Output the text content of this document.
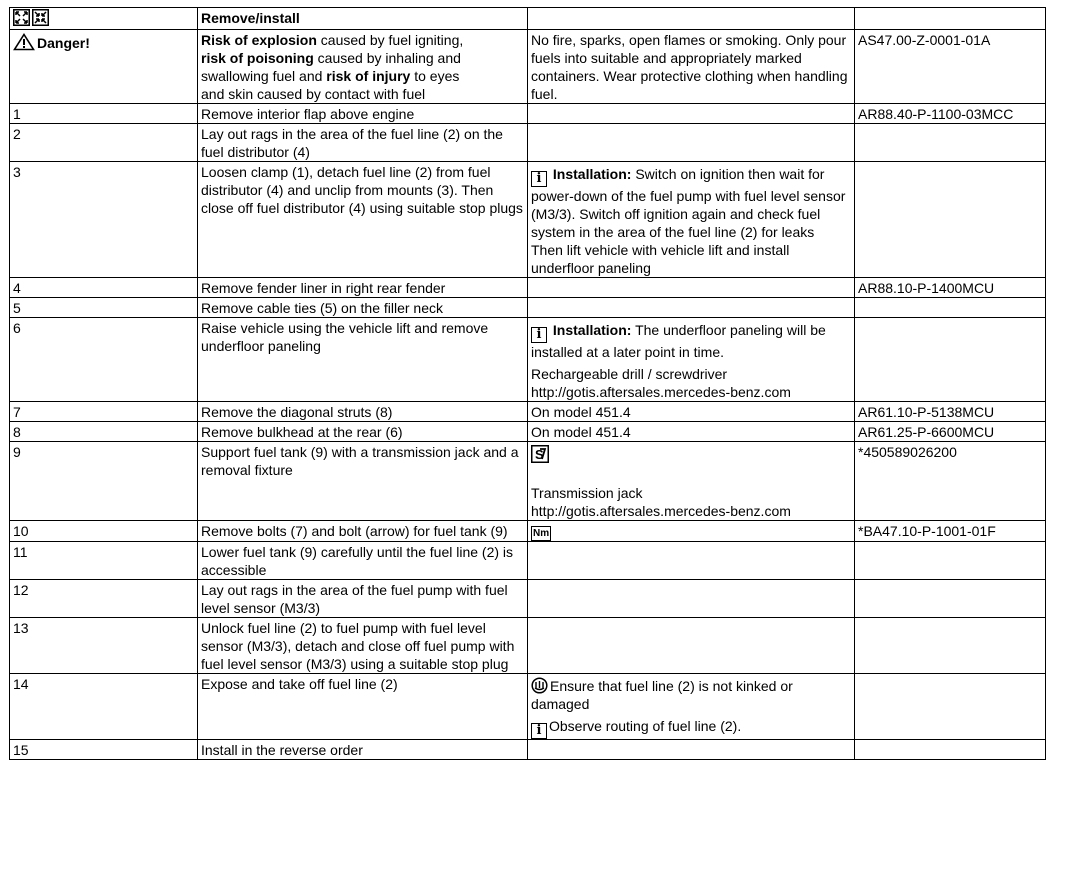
	Remove/install		
Danger!	Risk of explosion caused by fuel igniting,
risk of poisoning caused by inhaling and
swallowing fuel and risk of injury to eyes
and skin caused by contact with fuel	No fire, sparks, open flames or smoking. Only pour fuels into suitable and appropriately marked containers. Wear protective clothing when handling fuel.	AS47.00-Z-0001-01A
1	Remove interior flap above engine		AR88.40-P-1100-03MCC
2	Lay out rags in the area of the fuel line (2) on the fuel distributor (4)		
3	Loosen clamp (1), detach fuel line (2) from fuel distributor (4) and unclip from mounts (3). Then close off fuel distributor (4) using suitable stop plugs	i Installation: Switch on ignition then wait for power-down of the fuel pump with fuel level sensor (M3/3). Switch off ignition again and check fuel system in the area of the fuel line (2) for leaks
Then lift vehicle with vehicle lift and install underfloor paneling	

4	Remove fender liner in right rear fender		AR88.10-P-1400MCU
5	Remove cable ties (5) on the filler neck		
6	Raise vehicle using the vehicle lift and remove underfloor paneling	i Installation: The underfloor paneling will be installed at a later point in time.
Rechargeable drill / screwdriver
http://gotis.aftersales.mercedes-benz.com	

7	Remove the diagonal struts (8)	On model 451.4	AR61.10-P-5138MCU
8	Remove bulkhead at the rear (6)	On model 451.4	AR61.25-P-6600MCU
9	Support fuel tank (9) with a transmission jack and a removal fixture	S
Transmission jack
http://gotis.aftersales.mercedes-benz.com	*450589026200
10	Remove bolts (7) and bolt (arrow) for fuel tank (9)	Nm	*BA47.10-P-1001-01F
11	Lower fuel tank (9) carefully until the fuel line (2) is accessible		
12	Lay out rags in the area of the fuel pump with fuel level sensor (M3/3)		
13	Unlock fuel line (2) to fuel pump with fuel level sensor (M3/3), detach and close off fuel pump with fuel level sensor (M3/3) using a suitable stop plug		
14	Expose and take off fuel line (2)	Ensure that fuel line (2) is not kinked or damaged
i Observe routing of fuel line (2).	

15	Install in the reverse order		
